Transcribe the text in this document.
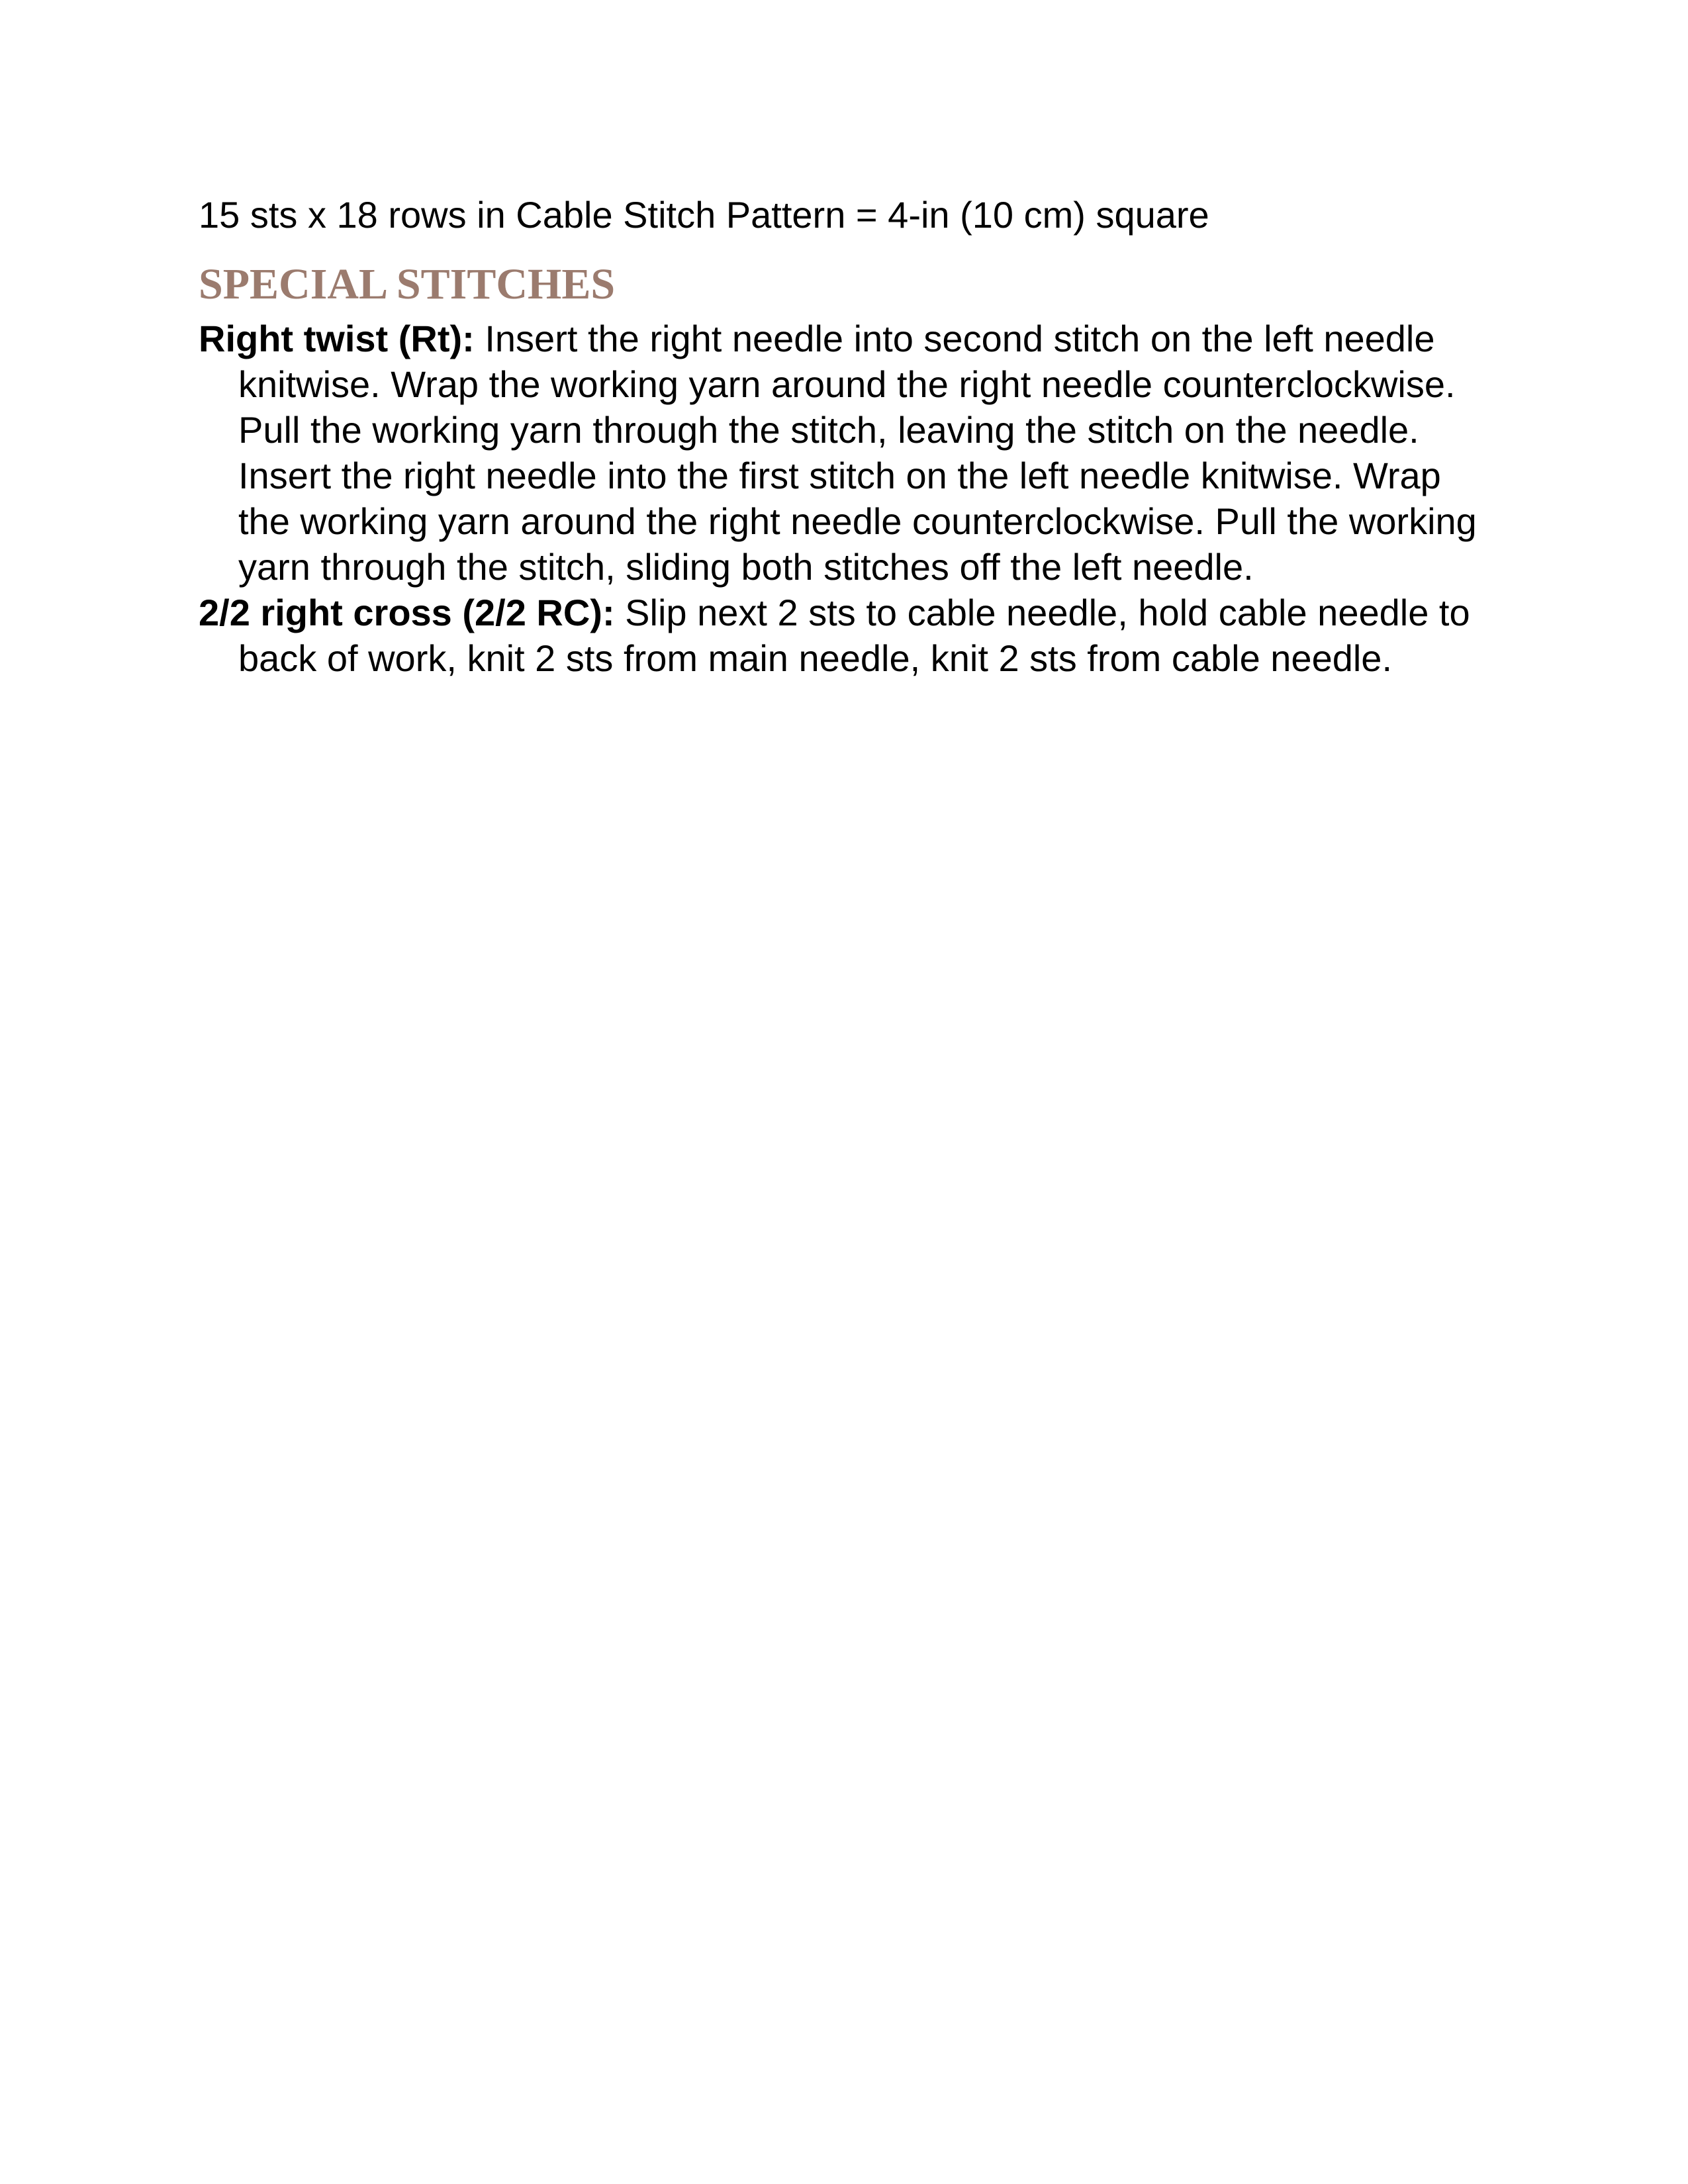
15 sts x 18 rows in Cable Stitch Pattern = 4-in (10 cm) square

SPECIAL STITCHES

Right twist (Rt): Insert the right needle into second stitch on the left needle knitwise. Wrap the working yarn around the right needle counterclockwise. Pull the working yarn through the stitch, leaving the stitch on the needle. Insert the right needle into the first stitch on the left needle knitwise. Wrap the working yarn around the right needle counterclockwise. Pull the working yarn through the stitch, sliding both stitches off the left needle.

2/2 right cross (2/2 RC): Slip next 2 sts to cable needle, hold cable needle to back of work, knit 2 sts from main needle, knit 2 sts from cable needle.
